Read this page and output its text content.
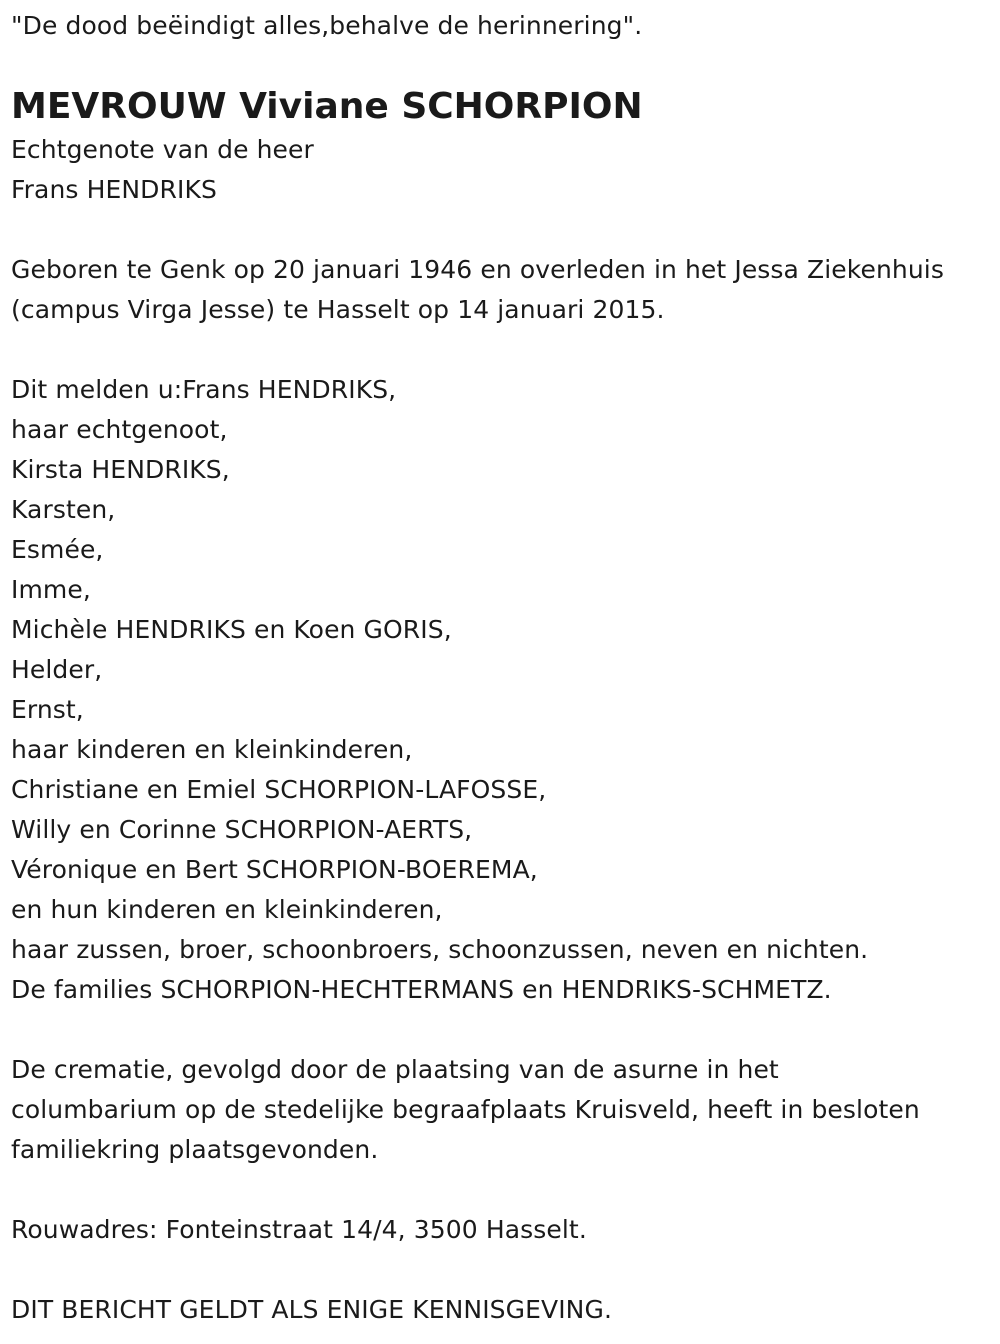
"De dood beëindigt alles,behalve de herinnering".
MEVROUW Viviane SCHORPION
Echtgenote van de heer
Frans HENDRIKS
Geboren te Genk op 20 januari 1946 en overleden in het Jessa Ziekenhuis
(campus Virga Jesse) te Hasselt op 14 januari 2015.
Dit melden u:Frans HENDRIKS,
haar echtgenoot,
Kirsta HENDRIKS,
Karsten,
Esmée,
Imme,
Michèle HENDRIKS en Koen GORIS,
Helder,
Ernst,
haar kinderen en kleinkinderen,
Christiane en Emiel SCHORPION-LAFOSSE,
Willy en Corinne SCHORPION-AERTS,
Véronique en Bert SCHORPION-BOEREMA,
en hun kinderen en kleinkinderen,
haar zussen, broer, schoonbroers, schoonzussen, neven en nichten.
De families SCHORPION-HECHTERMANS en HENDRIKS-SCHMETZ.
De crematie, gevolgd door de plaatsing van de asurne in het
columbarium op de stedelijke begraafplaats Kruisveld, heeft in besloten
familiekring plaatsgevonden.
Rouwadres: Fonteinstraat 14/4, 3500 Hasselt.
DIT BERICHT GELDT ALS ENIGE KENNISGEVING.
